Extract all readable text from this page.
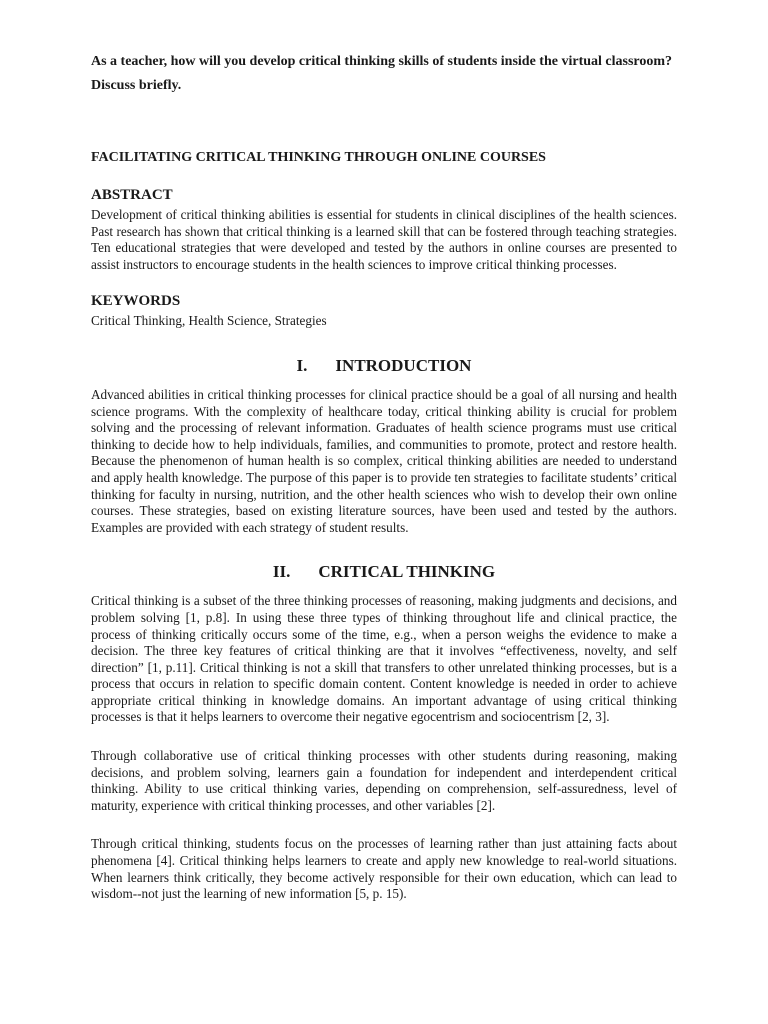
As a teacher, how will you develop critical thinking skills of students inside the virtual classroom? Discuss briefly.

FACILITATING CRITICAL THINKING THROUGH ONLINE COURSES

ABSTRACT

Development of critical thinking abilities is essential for students in clinical disciplines of the health sciences. Past research has shown that critical thinking is a learned skill that can be fostered through teaching strategies. Ten educational strategies that were developed and tested by the authors in online courses are presented to assist instructors to encourage students in the health sciences to improve critical thinking processes.

KEYWORDS

Critical Thinking, Health Science, Strategies

I. INTRODUCTION

Advanced abilities in critical thinking processes for clinical practice should be a goal of all nursing and health science programs. With the complexity of healthcare today, critical thinking ability is crucial for problem solving and the processing of relevant information. Graduates of health science programs must use critical thinking to decide how to help individuals, families, and communities to promote, protect and restore health. Because the phenomenon of human health is so complex, critical thinking abilities are needed to understand and apply health knowledge. The purpose of this paper is to provide ten strategies to facilitate students’ critical thinking for faculty in nursing, nutrition, and the other health sciences who wish to develop their own online courses. These strategies, based on existing literature sources, have been used and tested by the authors. Examples are provided with each strategy of student results.

II. CRITICAL THINKING

Critical thinking is a subset of the three thinking processes of reasoning, making judgments and decisions, and problem solving [1, p.8]. In using these three types of thinking throughout life and clinical practice, the process of thinking critically occurs some of the time, e.g., when a person weighs the evidence to make a decision. The three key features of critical thinking are that it involves “effectiveness, novelty, and self direction” [1, p.11]. Critical thinking is not a skill that transfers to other unrelated thinking processes, but is a process that occurs in relation to specific domain content. Content knowledge is needed in order to achieve appropriate critical thinking in knowledge domains. An important advantage of using critical thinking processes is that it helps learners to overcome their negative egocentrism and sociocentrism [2, 3].

Through collaborative use of critical thinking processes with other students during reasoning, making decisions, and problem solving, learners gain a foundation for independent and interdependent critical thinking. Ability to use critical thinking varies, depending on comprehension, self-assuredness, level of maturity, experience with critical thinking processes, and other variables [2].

Through critical thinking, students focus on the processes of learning rather than just attaining facts about phenomena [4]. Critical thinking helps learners to create and apply new knowledge to real-world situations. When learners think critically, they become actively responsible for their own education, which can lead to wisdom--not just the learning of new information [5, p. 15).
